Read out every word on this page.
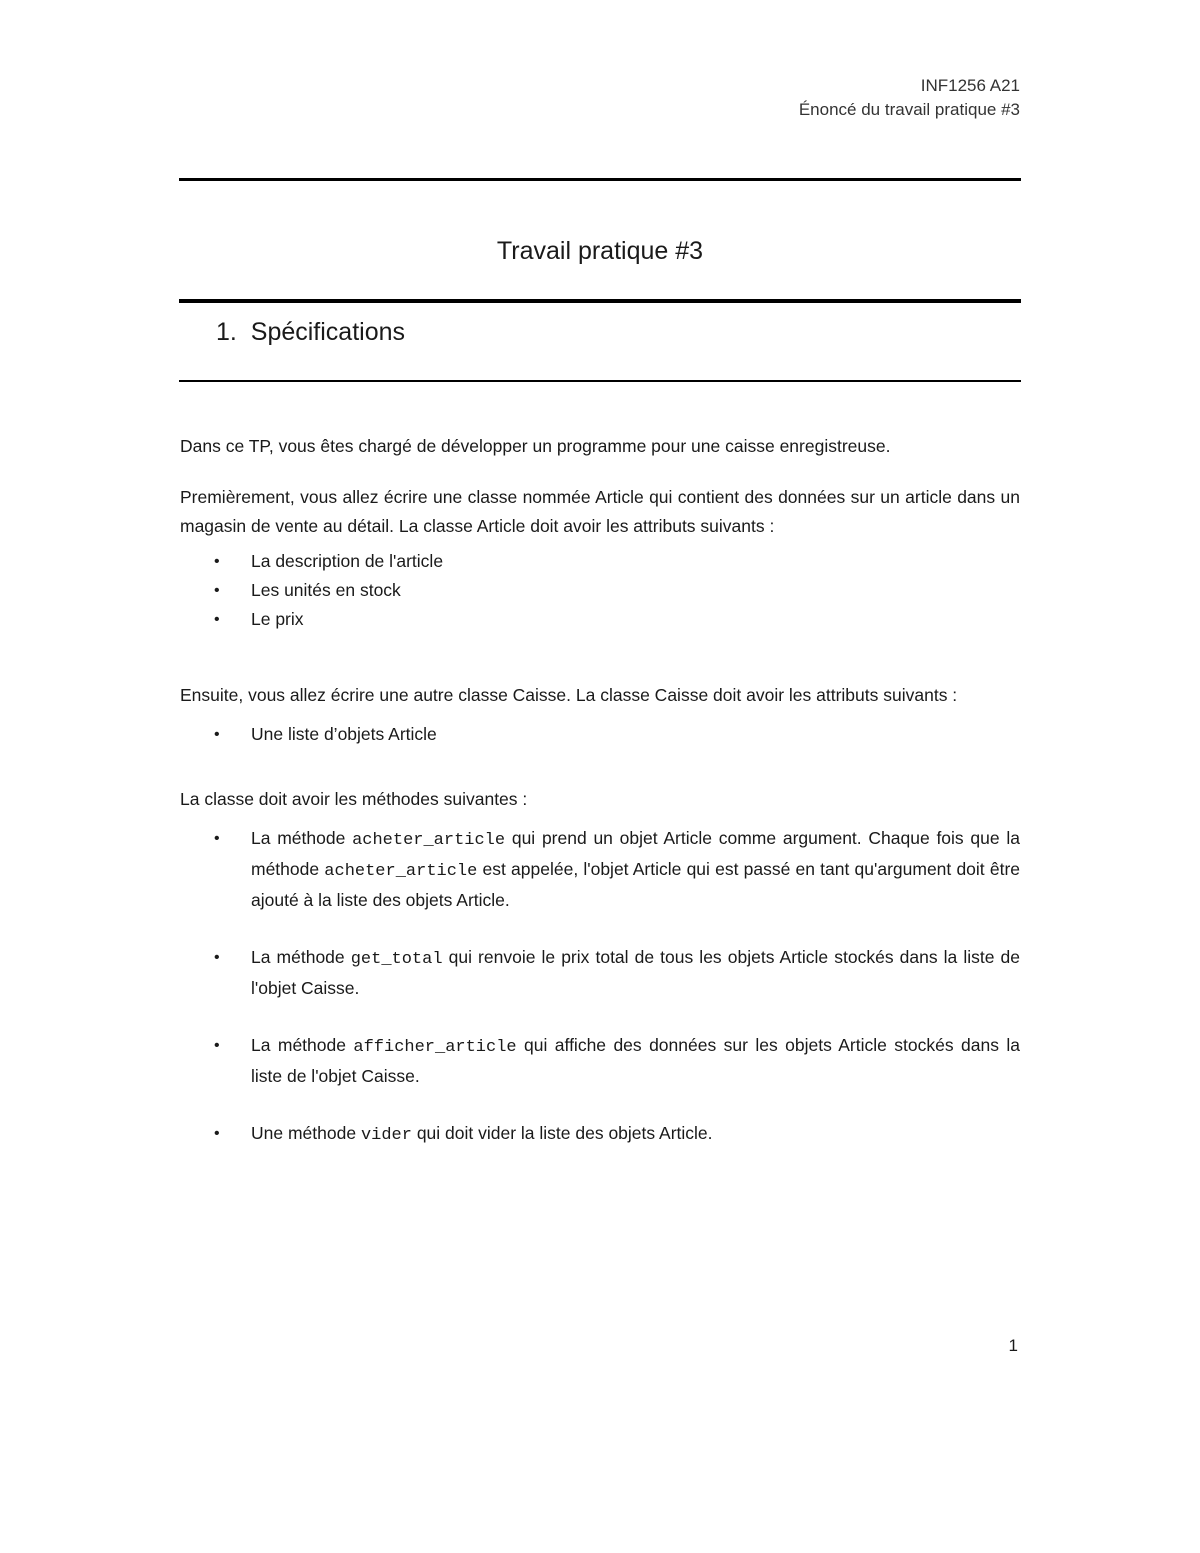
INF1256 A21
Énoncé du travail pratique #3
Travail pratique #3
1. Spécifications

Dans ce TP, vous êtes chargé de développer un programme pour une caisse enregistreuse.

Premièrement, vous allez écrire une classe nommée Article qui contient des données sur un article dans un magasin de vente au détail. La classe Article doit avoir les attributs suivants :

• La description de l'article
• Les unités en stock
• Le prix

Ensuite, vous allez écrire une autre classe Caisse. La classe Caisse doit avoir les attributs suivants :

• Une liste d’objets Article

La classe doit avoir les méthodes suivantes :

• La méthode acheter_article qui prend un objet Article comme argument. Chaque fois que la méthode acheter_article est appelée, l'objet Article qui est passé en tant qu'argument doit être ajouté à la liste des objets Article.
• La méthode get_total qui renvoie le prix total de tous les objets Article stockés dans la liste de l'objet Caisse.
• La méthode afficher_article qui affiche des données sur les objets Article stockés dans la liste de l'objet Caisse.
• Une méthode vider qui doit vider la liste des objets Article.
1
